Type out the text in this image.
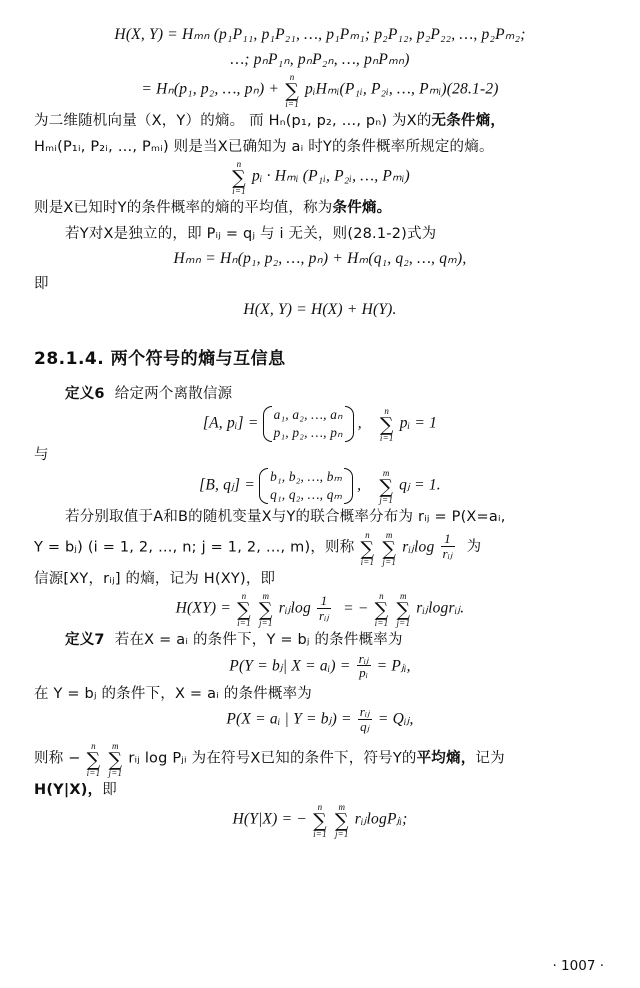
H(X, Y) = Hₘₙ (p₁P₁₁, p₁P₂₁, …, p₁Pₘ₁; p₂P₁₂, p₂P₂₂, …, p₂Pₘ₂;

…; pₙP₁ₙ, pₙP₂ₙ, …, pₙPₘₙ)

= Hₙ(p₁, p₂, …, pₙ) +
n
∑
i=1
pᵢHₘᵢ(P₁ᵢ, P₂ᵢ, …, Pₘᵢ)(28.1-2)

为二维随机向量（X，Y）的熵。 而 Hₙ(p₁, p₂, …, pₙ) 为X的无条件熵，

Hₘᵢ(P₁ᵢ, P₂ᵢ, …, Pₘᵢ) 则是当X已确知为 aᵢ 时Y的条件概率所规定的熵。

n
∑
i=1
pᵢ · Hₘᵢ (P₁ᵢ, P₂ᵢ, …, Pₘᵢ)

则是X已知时Y的条件概率的熵的平均值，称为条件熵。

若Y对X是独立的，即 Pᵢⱼ = qⱼ 与 i 无关，则(28.1-2)式为

Hₘₙ = Hₙ(p₁, p₂, …, pₙ) + Hₘ(q₁, q₂, …, qₘ),

即

H(X, Y) = H(X) + H(Y).

28.1.4. 两个符号的熵与互信息

定义6 给定两个离散信源

[A, pᵢ] =
a₁, a₂, …, aₙ
p₁, p₂, …, pₙ
,
n
∑
i=1
pᵢ = 1

与

[B, qⱼ] =
b₁, b₂, …, bₘ
q₁, q₂, …, qₘ
,
m
∑
j=1
qⱼ = 1.

若分别取值于A和B的随机变量X与Y的联合概率分布为 rᵢⱼ = P(X=aᵢ,

Y = bⱼ) (i = 1, 2, …, n; j = 1, 2, …, m)，则称
n
∑
i=1

m
∑
j=1
rᵢⱼlog $\frac{1}{\text{rᵢⱼ}}$ 为

信源[XY，rᵢⱼ] 的熵，记为 H(XY)，即

H(XY) =
n
∑
i=1

m
∑
j=1
rᵢⱼlog $\frac{1}{\text{rᵢⱼ}}$ = −
n
∑
i=1

m
∑
j=1
rᵢⱼlogrᵢⱼ.

定义7 若在X = aᵢ 的条件下，Y = bⱼ 的条件概率为

P(Y = bⱼ| X = aᵢ) = $\frac{\text{rᵢⱼ}}{\text{pᵢ}}$ = Pⱼᵢ,

在 Y = bⱼ 的条件下，X = aᵢ 的条件概率为

P(X = aᵢ | Y = bⱼ) = $\frac{\text{rᵢⱼ}}{\text{qⱼ}}$ = Qᵢⱼ,

则称 −
n
∑
i=1

m
∑
j=1
rᵢⱼ log Pⱼᵢ 为在符号X已知的条件下，符号Y的平均熵，记为

H(Y|X)，即

H(Y|X) = −
n
∑
i=1

m
∑
j=1
rᵢⱼlogPⱼᵢ;

· 1007 ·
